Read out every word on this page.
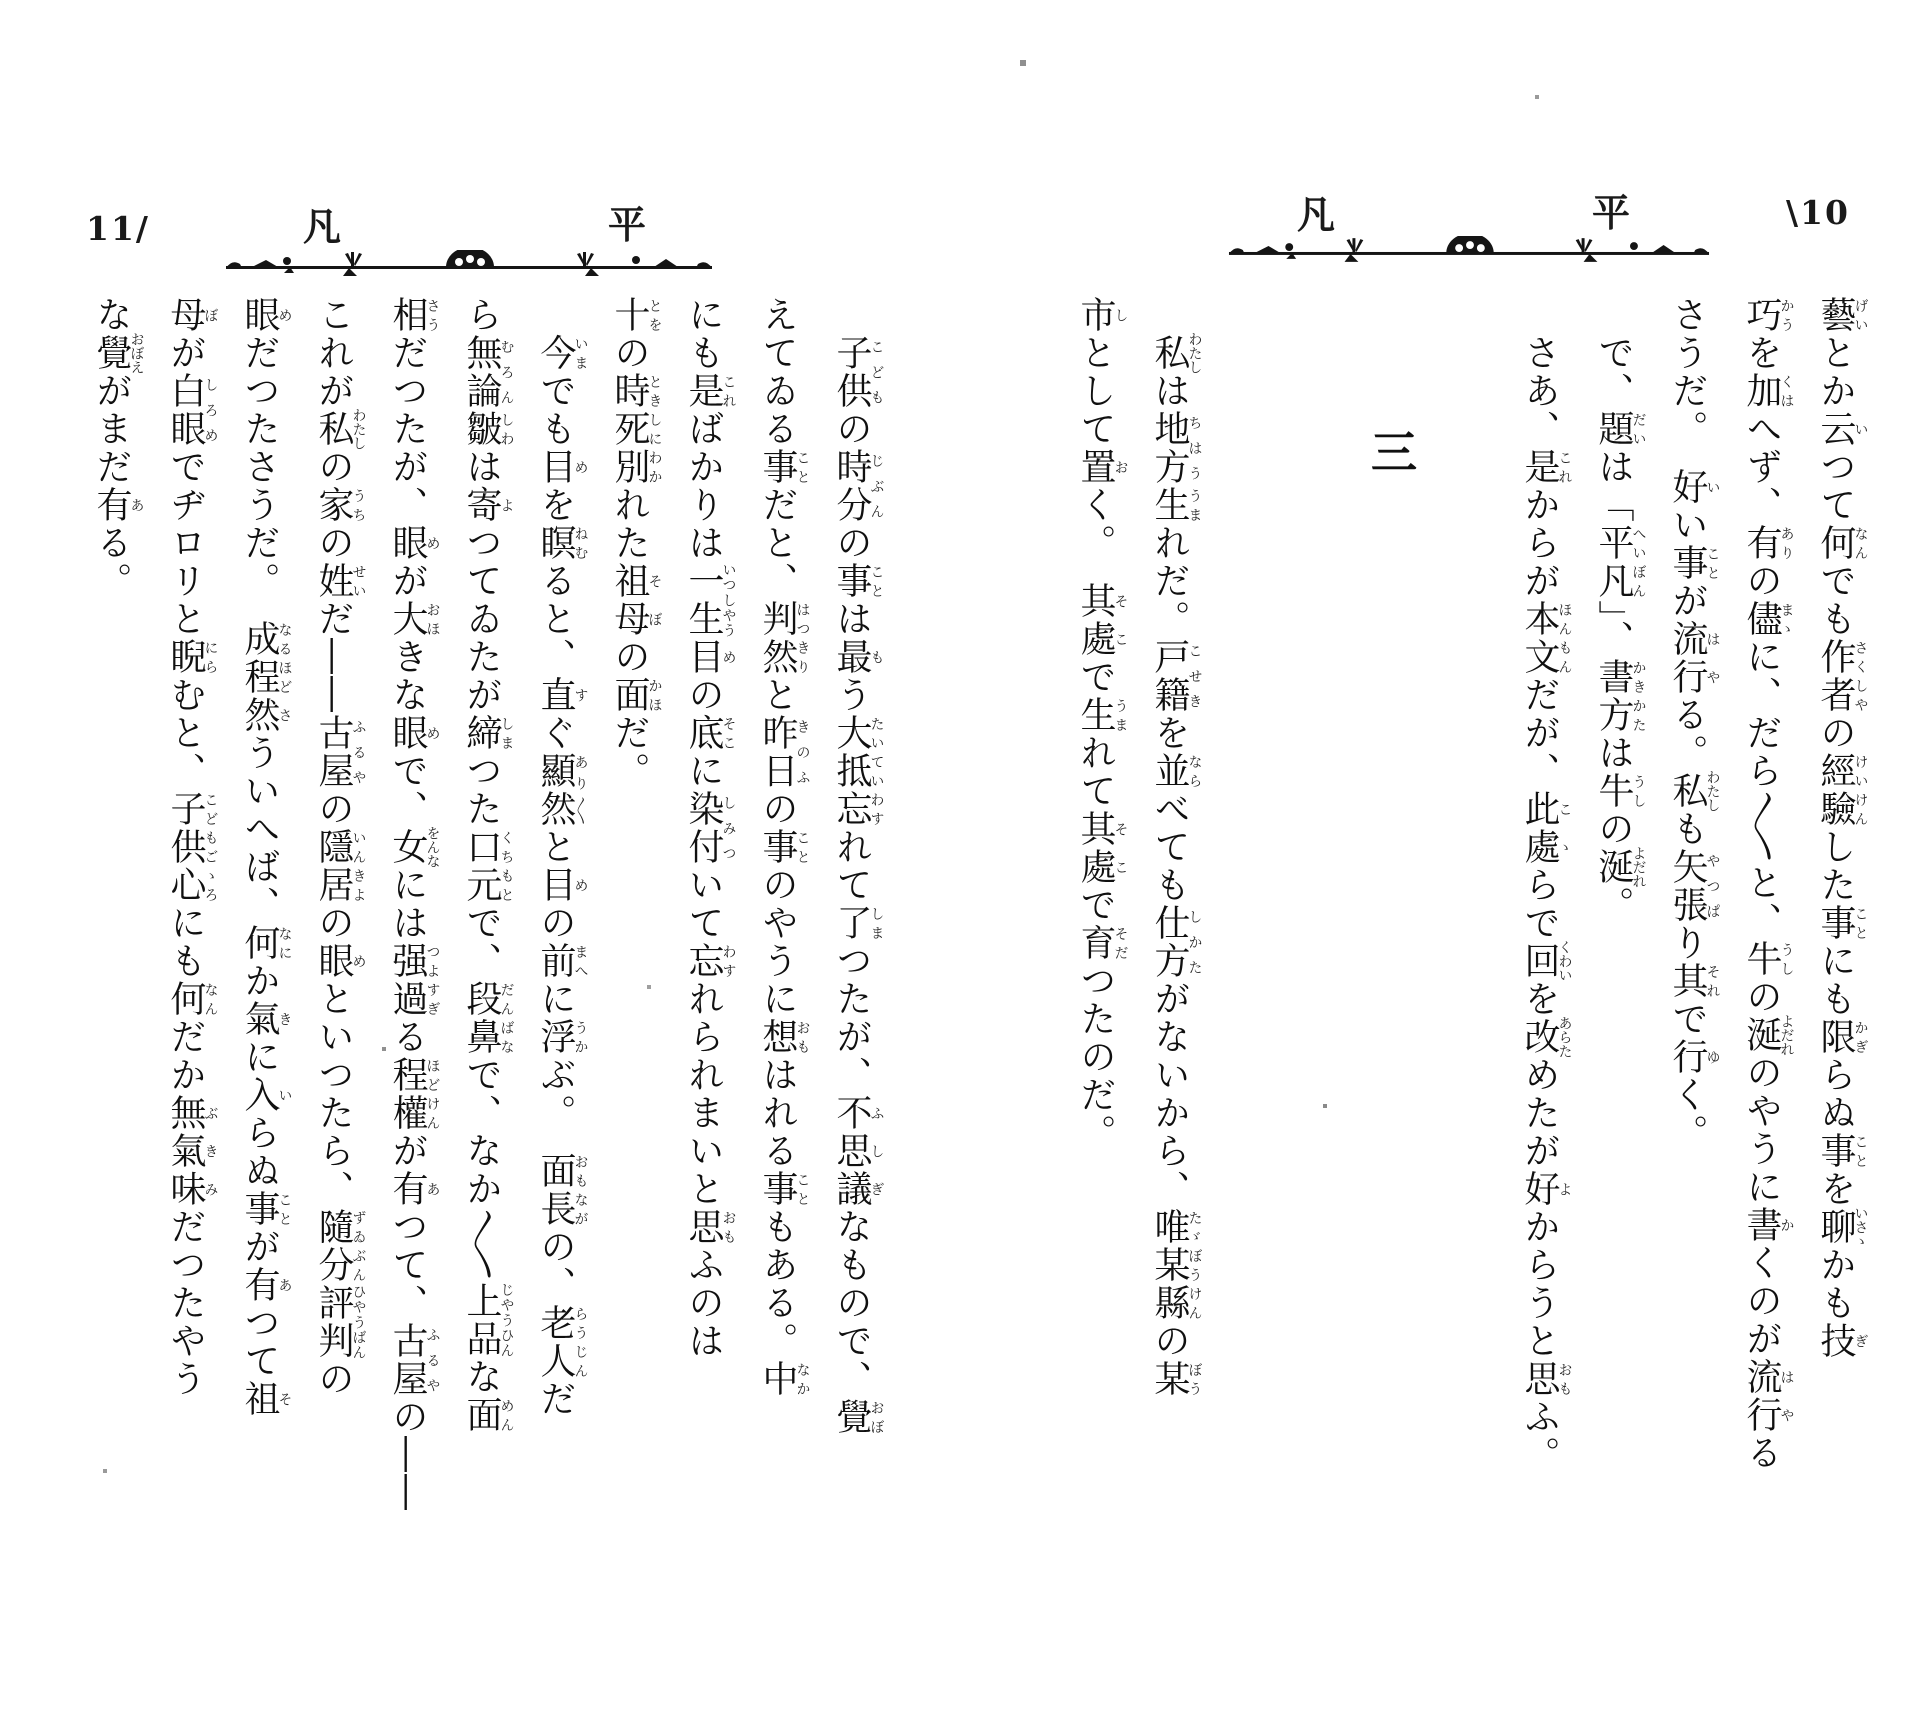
平
凡	\10
藝げいとか云いつて何なんでも作者さくしやの經驗けいけんした事ことにも限かぎらぬ事ことを聊いさゝかも技ぎ
巧かうを加くはへず、有ありの儘まゝに、だら〱と、牛うしの涎よだれのやうに書かくのが流行はやる
さうだ。　好いい事ことが流行はやる。私わたしも矢張やつぱり其それで行ゆく。
　で、題だいは「平凡へいぼん」、書方かきかたは牛うしの涎よだれ。
　さあ、是これからが本文ほんもんだが、此處こゝらで回くわいを改あらためたが好よからうと思おもふ。
三
　私わたしは地方ちはう生うまれだ。戸籍こせきを並ならべても仕方しかたがないから、唯たゞ某縣ぼうけんの某ぼう
市しとして置おく。　其處そこで生うまれて其處そこで育そだつたのだ。
11/	平
凡
　子供こどもの時分じぶんの事ことは最もう大抵たいてい忘わすれて了しまつたが、不思議ふしぎなもので、覺おぼ
えてゐる事ことだと、判然はつきりと昨日きのふの事ことのやうに想おもはれる事こともある。中なか
にも是こればかりは一生いつしやう目めの底そこに染付しみついて忘わすれられまいと思おもふのは
十とをの時とき死別しにわかれた祖母そぼの面かほだ。
　今いまでも目めを瞑ねむると、直すぐ顯然あり〱と目めの前まへに浮うかぶ。　面長おもながの、老人らうじんだ
ら無論むろん皺しわは寄よつてゐたが締しまつた口元くちもとで、段鼻だんばなで、なか〱上品じやうひんな面めん
相さうだつたが、眼めが大おほきな眼めで、女をんなには强過つよすぎる程ほど權けんが有あつて、古屋ふるやの――
これが私わたしの家うちの姓せいだ――古屋ふるやの隱居いんきよの眼めといつたら、隨分ずゐぶん評判ひやうばんの
眼めだつたさうだ。　成程なるほど然さういへば、何なにか氣きに入いらぬ事ことが有あつて祖そ
母ぼが白眼しろめでヂロリと睨にらむと、子供心こどもごゝろにも何なんだか無氣味ぶきみだつたやう
な覺おぼえがまだ有ある。
